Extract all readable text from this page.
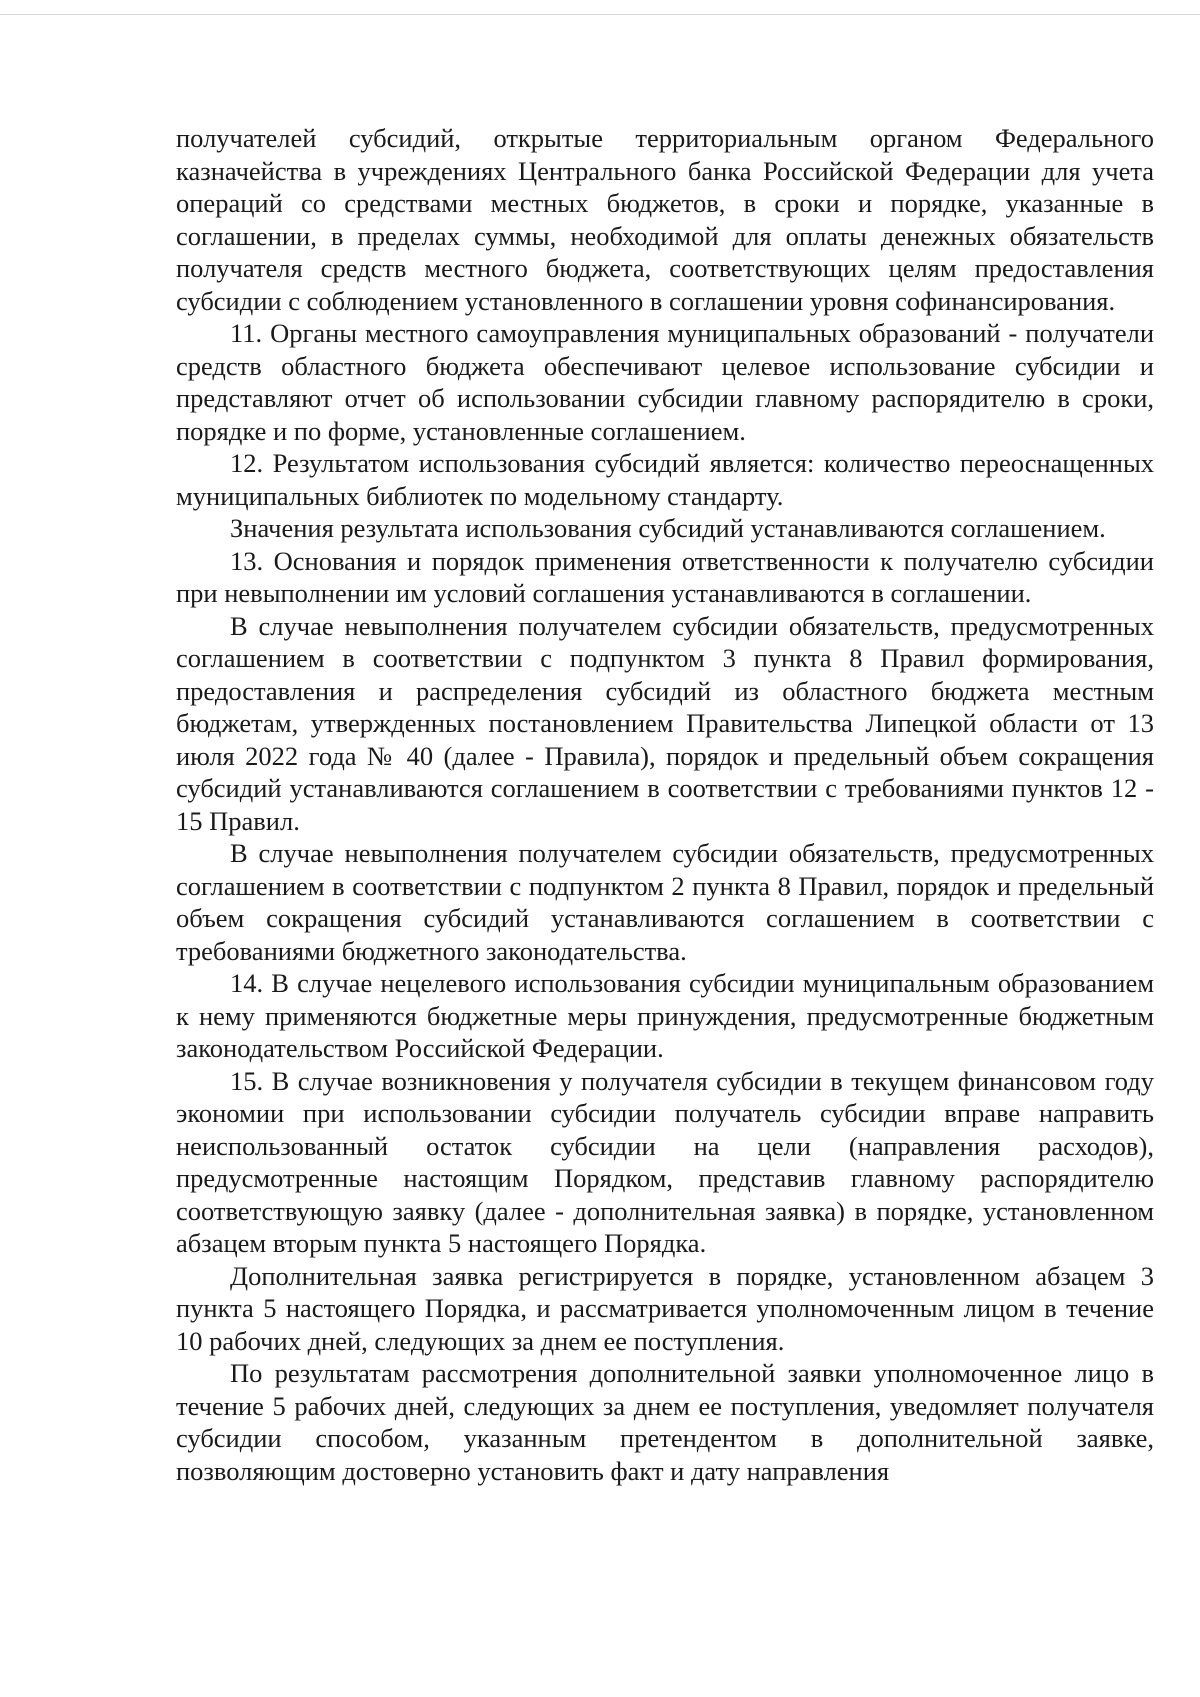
получателей субсидий, открытые территориальным органом Федерального казначейства в учреждениях Центрального банка Российской Федерации для учета операций со средствами местных бюджетов, в сроки и порядке, указанные в соглашении, в пределах суммы, необходимой для оплаты денежных обязательств получателя средств местного бюджета, соответствующих целям предоставления субсидии с соблюдением установленного в соглашении уровня софинансирования.

11. Органы местного самоуправления муниципальных образований - получатели средств областного бюджета обеспечивают целевое использование субсидии и представляют отчет об использовании субсидии главному распорядителю в сроки, порядке и по форме, установленные соглашением.

12. Результатом использования субсидий является: количество переоснащенных муниципальных библиотек по модельному стандарту.

Значения результата использования субсидий устанавливаются соглашением.

13. Основания и порядок применения ответственности к получателю субсидии при невыполнении им условий соглашения устанавливаются в соглашении.

В случае невыполнения получателем субсидии обязательств, предусмотренных соглашением в соответствии с подпунктом 3 пункта 8 Правил формирования, предоставления и распределения субсидий из областного бюджета местным бюджетам, утвержденных постановлением Правительства Липецкой области от 13 июля 2022 года № 40 (далее - Правила), порядок и предельный объем сокращения субсидий устанавливаются соглашением в соответствии с требованиями пунктов 12 - 15 Правил.

В случае невыполнения получателем субсидии обязательств, предусмотренных соглашением в соответствии с подпунктом 2 пункта 8 Правил, порядок и предельный объем сокращения субсидий устанавливаются соглашением в соответствии с требованиями бюджетного законодательства.

14. В случае нецелевого использования субсидии муниципальным образованием к нему применяются бюджетные меры принуждения, предусмотренные бюджетным законодательством Российской Федерации.

15. В случае возникновения у получателя субсидии в текущем финансовом году экономии при использовании субсидии получатель субсидии вправе направить неиспользованный остаток субсидии на цели (направления расходов), предусмотренные настоящим Порядком, представив главному распорядителю соответствующую заявку (далее - дополнительная заявка) в порядке, установленном абзацем вторым пункта 5 настоящего Порядка.

Дополнительная заявка регистрируется в порядке, установленном абзацем 3 пункта 5 настоящего Порядка, и рассматривается уполномоченным лицом в течение 10 рабочих дней, следующих за днем ее поступления.

По результатам рассмотрения дополнительной заявки уполномоченное лицо в течение 5 рабочих дней, следующих за днем ее поступления, уведомляет получателя субсидии способом, указанным претендентом в дополнительной заявке, позволяющим достоверно установить факт и дату направления
